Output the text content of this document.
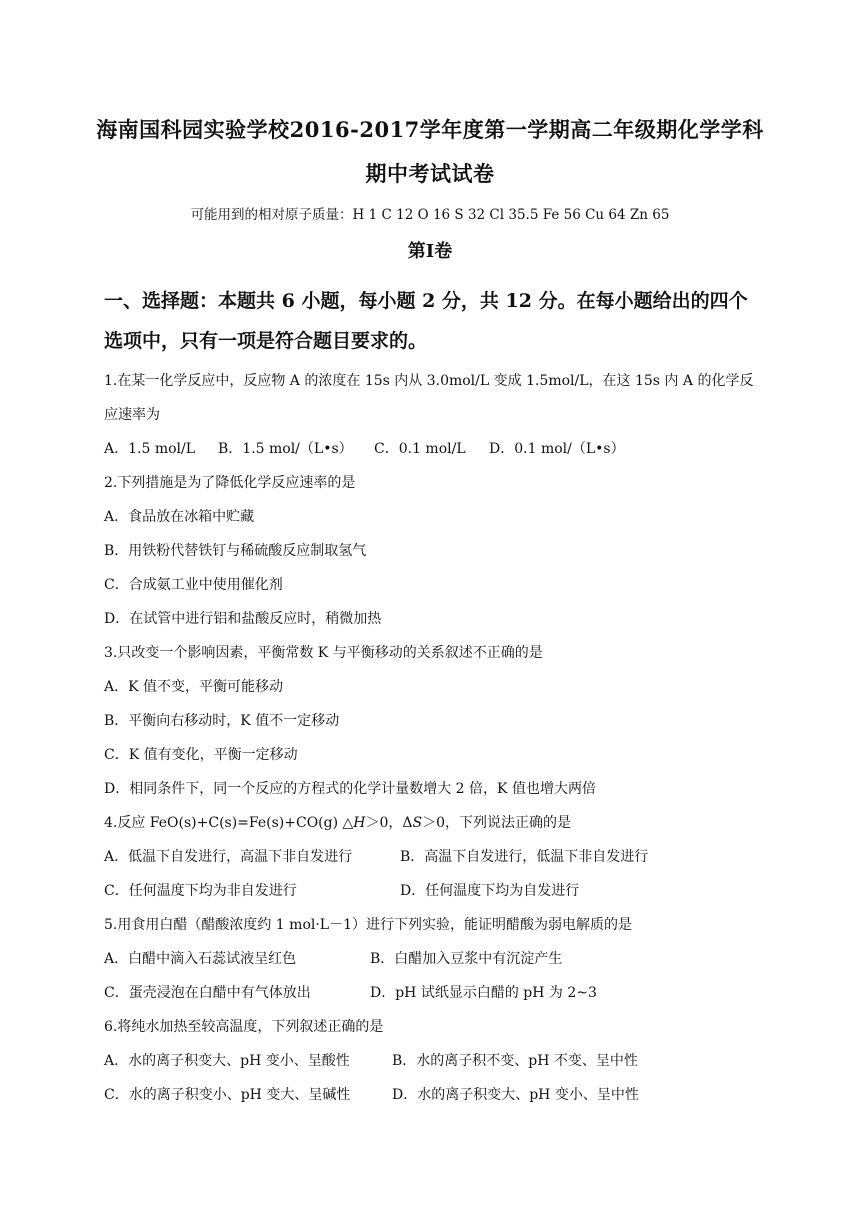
海南国科园实验学校2016-2017学年度第一学期高二年级期化学学科
期中考试试卷
可能用到的相对原子质量：H 1 C 12 O 16 S 32 Cl 35.5 Fe 56 Cu 64 Zn 65
第Ⅰ卷
一、选择题：本题共 6 小题，每小题 2 分，共 12 分。在每小题给出的四个
选项中，只有一项是符合题目要求的。
1.在某一化学反应中，反应物 A 的浓度在 15s 内从 3.0mol/L 变成 1.5mol/L，在这 15s 内 A 的化学反
应速率为
A．1.5 mol/L B．1.5 mol/（L•s） C．0.1 mol/L D．0.1 mol/（L•s）
2.下列措施是为了降低化学反应速率的是
A．食品放在冰箱中贮藏
B．用铁粉代替铁钉与稀硫酸反应制取氢气
C．合成氨工业中使用催化剂
D．在试管中进行铝和盐酸反应时，稍微加热
3.只改变一个影响因素，平衡常数 K 与平衡移动的关系叙述不正确的是
A．K 值不变，平衡可能移动
B．平衡向右移动时，K 值不一定移动
C．K 值有变化，平衡一定移动
D．相同条件下，同一个反应的方程式的化学计量数增大 2 倍，K 值也增大两倍
4.反应 FeO(s)+C(s)=Fe(s)+CO(g) △H＞0，ΔS＞0，下列说法正确的是
A．低温下自发进行，高温下非自发进行	B．高温下自发进行，低温下非自发进行
C．任何温度下均为非自发进行	D．任何温度下均为自发进行
5.用食用白醋（醋酸浓度约 1 mol·L－1）进行下列实验，能证明醋酸为弱电解质的是
A．白醋中滴入石蕊试液呈红色	B．白醋加入豆浆中有沉淀产生
C．蛋壳浸泡在白醋中有气体放出	D．pH 试纸显示白醋的 pH 为 2~3
6.将纯水加热至较高温度，下列叙述正确的是
A．水的离子积变大、pH 变小、呈酸性	B．水的离子积不变、pH 不变、呈中性
C．水的离子积变小、pH 变大、呈碱性	D．水的离子积变大、pH 变小、呈中性
